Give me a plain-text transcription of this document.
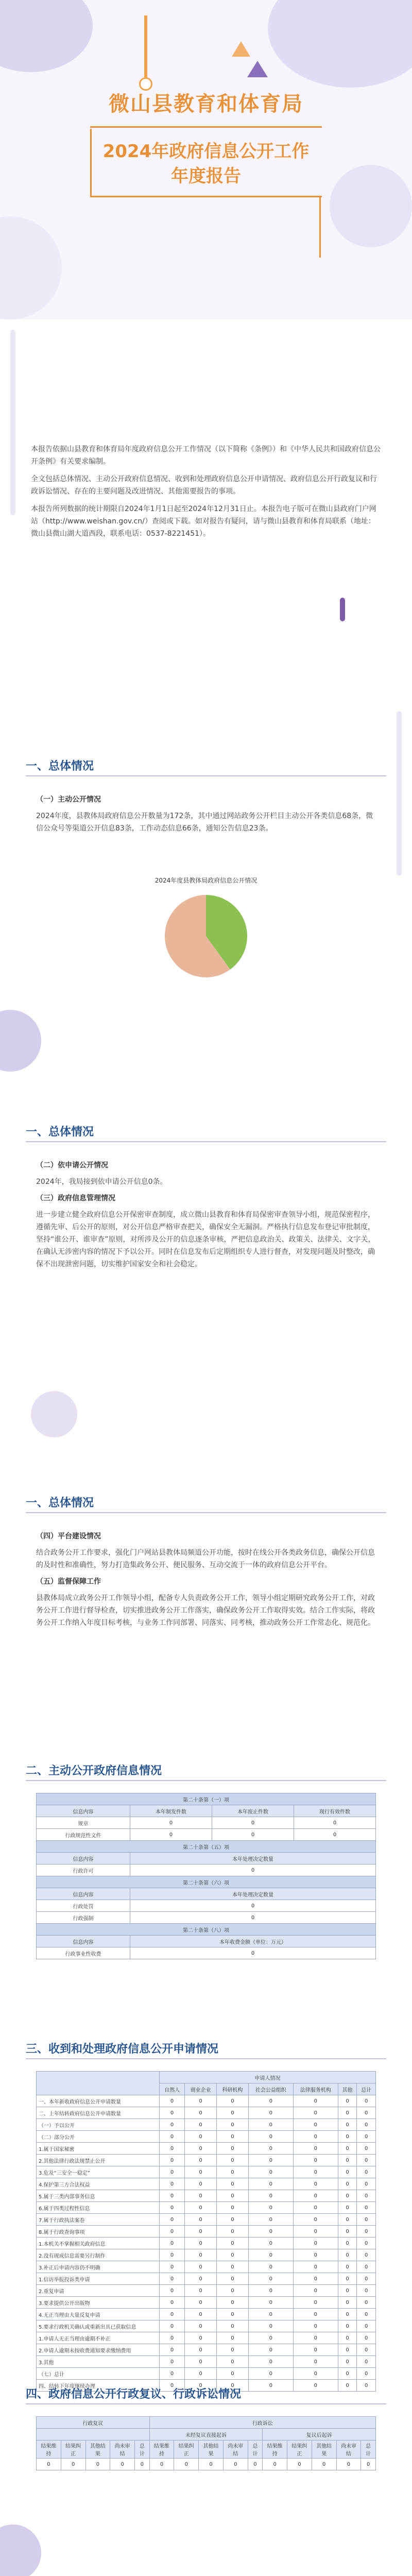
微山县教育和体育局
2024年政府信息公开工作
年度报告

本报告依据山县教育和体育局年度政府信息公开工作情况（以下简称《条例》）和《中华人民共和国政府信息公开条例》有关要求编制。

全文包括总体情况、主动公开政府信息情况、收到和处理政府信息公开申请情况、政府信息公开行政复议和行政诉讼情况、存在的主要问题及改进情况、其他需要报告的事项。

本报告所列数据的统计期限自2024年1月1日起至2024年12月31日止。本报告电子版可在微山县政府门户网站（http://www.weishan.gov.cn/）查阅或下载。如对报告有疑问，请与微山县教育和体育局联系（地址：微山县微山湖大道西段，联系电话：0537-8221451）。

一、总体情况

（一）主动公开情况

2024年度，县教体局政府信息公开数量为172条，其中通过网站政务公开栏目主动公开各类信息68条，微信公众号等渠道公开信息83条，工作动态信息66条，通知公告信息23条。

2024年度县教体局政府信息公开情况
一、总体情况

（二）依申请公开情况

2024年，我局接到依申请公开信息0条。

（三）政府信息管理情况

进一步建立健全政府信息公开保密审查制度，成立微山县教育和体育局保密审查领导小组，规范保密程序，遵循先审、后公开的原则，对公开信息严格审查把关，确保安全无漏洞。严格执行信息发布登记审批制度，坚持“谁公开、谁审查”原则，对所涉及公开的信息逐条审核，严把信息政治关、政策关、法律关、文字关，在确认无涉密内容的情况下予以公开。同时在信息发布后定期组织专人进行督查，对发现问题及时整改，确保不出现泄密问题，切实维护国家安全和社会稳定。

一、总体情况

（四）平台建设情况

结合政务公开工作要求，强化门户网站县教体局频道公开功能，按时在线公开各类政务信息，确保公开信息的及时性和准确性，努力打造集政务公开、便民服务、互动交流于一体的政府信息公开平台。

（五）监督保障工作

县教体局成立政务公开工作领导小组，配备专人负责政务公开工作，领导小组定期研究政务公开工作，对政务公开工作进行督导检查，切实推进政务公开工作落实，确保政务公开工作取得实效。结合工作实际，将政务公开工作纳入年度目标考核，与业务工作同部署、同落实、同考核，推动政务公开工作常态化、规范化。

二、主动公开政府信息情况
第二十条第（一）项			
信息内容	本年制发件数	本年废止件数	现行有效件数
规章	0	0	0
行政规范性文件	0	0	0
第二十条第（五）项			
信息内容	本年处理决定数量		
行政许可	0		
第二十条第（六）项			
信息内容	本年处理决定数量		
行政处罚	0		
行政强制	0		
第二十条第（八）项			
信息内容	本年收费金额（单位：万元）		
行政事业性收费	0		
三、收到和处理政府信息公开申请情况
	申请人情况						
	自然人	商业企业	科研机构	社会公益组织	法律服务机构	其他	总计
一、本年新收政府信息公开申请数量	0	0	0	0	0	0	0
二、上年结转政府信息公开申请数量	0	0	0	0	0	0	0
（一）予以公开	0	0	0	0	0	0	0
（二）部分公开	0	0	0	0	0	0	0
1.属于国家秘密	0	0	0	0	0	0	0
2.其他法律行政法规禁止公开	0	0	0	0	0	0	0
3.危及“三安全一稳定”	0	0	0	0	0	0	0
4.保护第三方合法权益	0	0	0	0	0	0	0
5.属于三类内部事务信息	0	0	0	0	0	0	0
6.属于四类过程性信息	0	0	0	0	0	0	0
7.属于行政执法案卷	0	0	0	0	0	0	0
8.属于行政查询事项	0	0	0	0	0	0	0
1.本机关不掌握相关政府信息	0	0	0	0	0	0	0
2.没有现成信息需要另行制作	0	0	0	0	0	0	0
3.补正后申请内容仍不明确	0	0	0	0	0	0	0
1.信访举报投诉类申请	0	0	0	0	0	0	0
2.重复申请	0	0	0	0	0	0	0
3.要求提供公开出版物	0	0	0	0	0	0	0
4.无正当理由大量反复申请	0	0	0	0	0	0	0
5.要求行政机关确认或重新出具已获取信息	0	0	0	0	0	0	0
1.申请人无正当理由逾期不补正	0	0	0	0	0	0	0
2.申请人逾期未按收费通知要求缴纳费用	0	0	0	0	0	0	0
3.其他	0	0	0	0	0	0	0
（七）总计	0	0	0	0	0	0	0
四、结转下年度继续办理	0	0	0	0	0	0	0
四、政府信息公开行政复议、行政诉讼情况
行政复议					行政诉讼									
					未经复议直接起诉					复议后起诉				
结果维持	结果纠正	其他结果	尚未审结	总计	结果维持	结果纠正	其他结果	尚未审结	总计	结果维持	结果纠正	其他结果	尚未审结	总计
0	0	0	0	0	0	0	0	0	0	0	0	0	0	0
